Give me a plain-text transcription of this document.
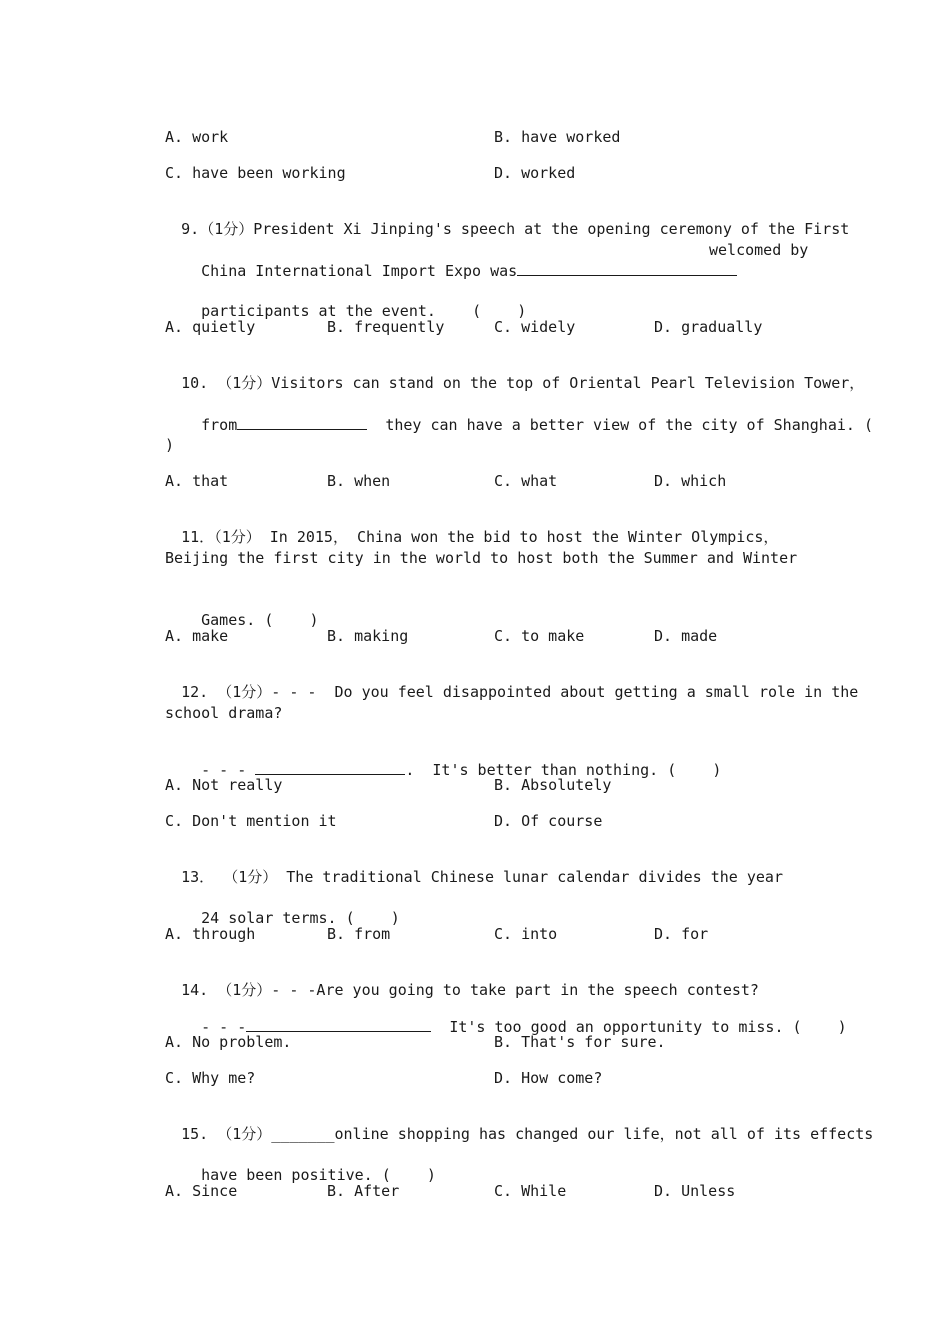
A. work	B. have worked
C. have been working	D. worked

9.（1分）President Xi Jinping's speech at the opening ceremony of the First

China International Import Expo was

welcomed by

participants at the event. (    )

A. quietly	B. frequently	C. widely	D. gradually

10. （1分）Visitors can stand on the top of Oriental Pearl Television Tower，

from	they can have a better view of the city of Shanghai. (

)
A. that	B. when	C. what	D. which

11．（1分） In 2015， China won the bid to host the Winter Olympics，

Beijing the first city in the world to host both the Summer and Winter

Games. (    )

A. make	B. making	C. to make	D. made

12. （1分）- - -  Do you feel disappointed about getting a small role in the

school drama?

- - -	.  It's better than nothing. (    )

A. Not really	B. Absolutely
C. Don't mention it	D. Of course

13． （1分） The traditional Chinese lunar calendar divides the year

24 solar terms. (    )

A. through	B. from	C. into	D. for

14. （1分）- - -Are you going to take part in the speech contest?

- - -	It's too good an opportunity to miss. (    )

A. No problem.	B. That's for sure.
C. Why me?	D. How come?

15. （1分）_______online shopping has changed our life，not all of its effects

have been positive. (    )

A. Since	B. After	C. While	D. Unless
